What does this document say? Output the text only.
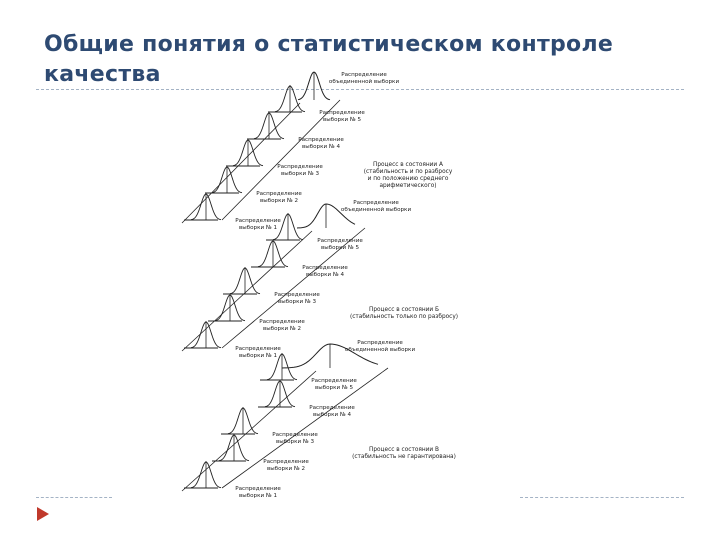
Общие понятия о статистическом контроле качества	Распределение объединенной выборки
Распределение выборки № 1
Распределение выборки № 2
Распределение выборки № 3
Распределение выборки № 4
Распределение выборки № 5
Процесс в состоянии А (стабильность и по разбросу и по положению среднего арифметического)
Распределение объединенной выборки
Распределение выборки № 1
Распределение выборки № 2
Распределение выборки № 3
Распределение выборки № 4
Распределение выборки № 5
Процесс в состоянии Б (стабильность только по разбросу)
Распределение объединенной выборки
Распределение выборки № 1
Распределение выборки № 2
Распределение выборки № 3
Распределение выборки № 4
Распределение выборки № 5
Процесс в состоянии В (стабильность не гарантирована)
